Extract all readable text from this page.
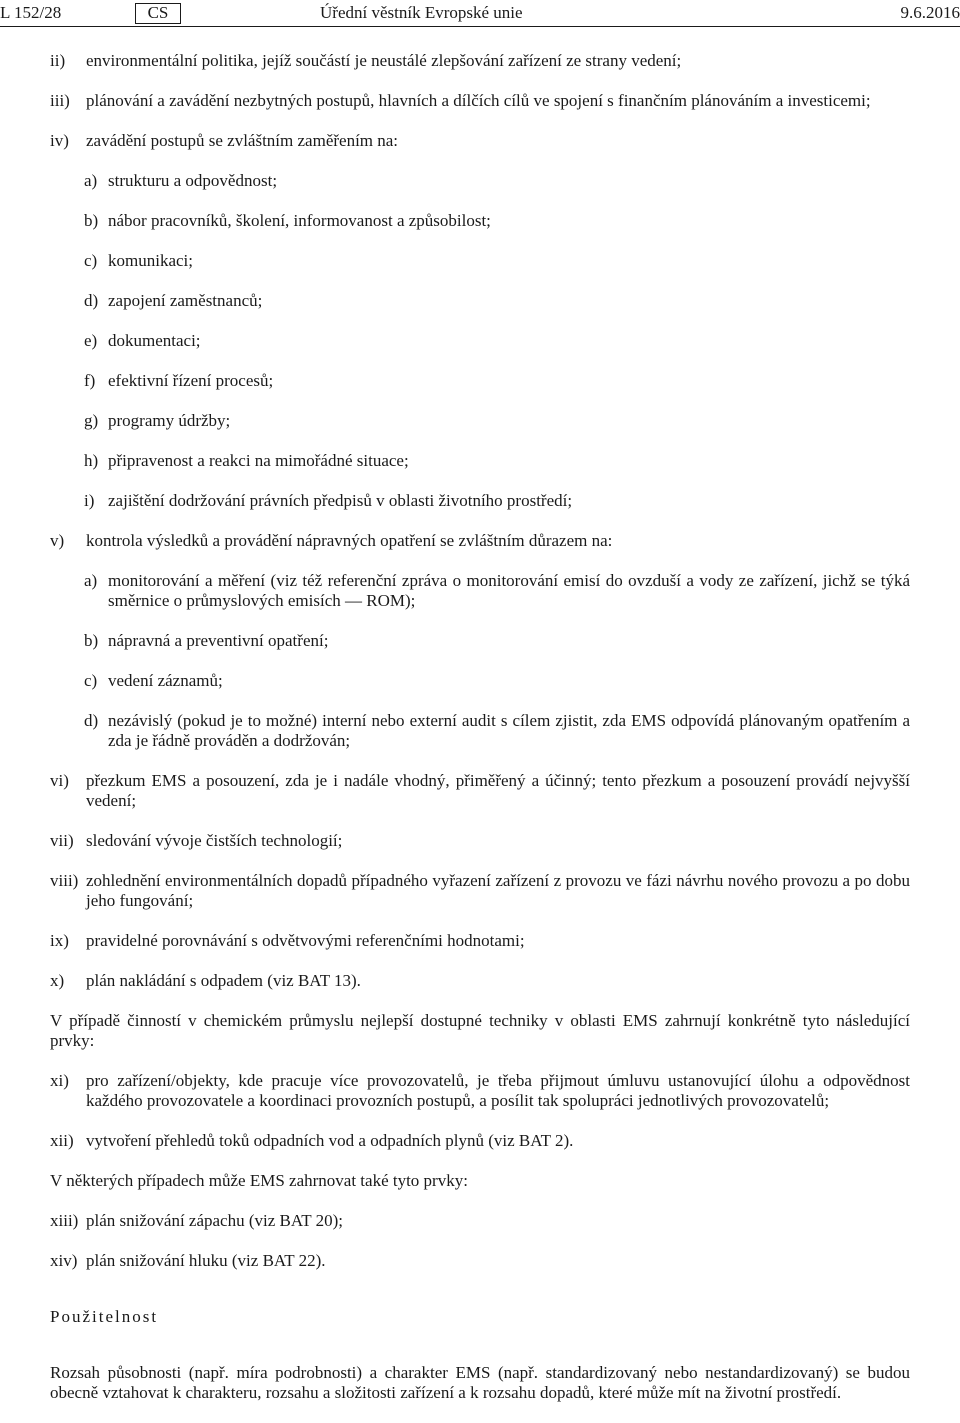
L 152/28	CS	Úřední věstník Evropské unie	9.6.2016
ii) environmentální politika, jejíž součástí je neustálé zlepšování zařízení ze strany vedení;
iii) plánování a zavádění nezbytných postupů, hlavních a dílčích cílů ve spojení s finančním plánováním a investicemi;
iv) zavádění postupů se zvláštním zaměřením na:
a) strukturu a odpovědnost;
b) nábor pracovníků, školení, informovanost a způsobilost;
c) komunikaci;
d) zapojení zaměstnanců;
e) dokumentaci;
f) efektivní řízení procesů;
g) programy údržby;
h) připravenost a reakci na mimořádné situace;
i) zajištění dodržování právních předpisů v oblasti životního prostředí;
v) kontrola výsledků a provádění nápravných opatření se zvláštním důrazem na:
a) monitorování a měření (viz též referenční zpráva o monitorování emisí do ovzduší a vody ze zařízení, jichž se týká směrnice o průmyslových emisích — ROM);
b) nápravná a preventivní opatření;
c) vedení záznamů;
d) nezávislý (pokud je to možné) interní nebo externí audit s cílem zjistit, zda EMS odpovídá plánovaným opatřením a zda je řádně prováděn a dodržován;
vi) přezkum EMS a posouzení, zda je i nadále vhodný, přiměřený a účinný; tento přezkum a posouzení provádí nejvyšší vedení;
vii) sledování vývoje čistších technologií;
viii) zohlednění environmentálních dopadů případného vyřazení zařízení z provozu ve fázi návrhu nového provozu a po dobu jeho fungování;
ix) pravidelné porovnávání s odvětvovými referenčními hodnotami;
x) plán nakládání s odpadem (viz BAT 13).
V případě činností v chemickém průmyslu nejlepší dostupné techniky v oblasti EMS zahrnují konkrétně tyto následující prvky:
xi) pro zařízení/objekty, kde pracuje více provozovatelů, je třeba přijmout úmluvu ustanovující úlohu a odpovědnost každého provozovatele a koordinaci provozních postupů, a posílit tak spolupráci jednotlivých provozovatelů;
xii) vytvoření přehledů toků odpadních vod a odpadních plynů (viz BAT 2).
V některých případech může EMS zahrnovat také tyto prvky:
xiii) plán snižování zápachu (viz BAT 20);
xiv) plán snižování hluku (viz BAT 22).
Použitelnost
Rozsah působnosti (např. míra podrobnosti) a charakter EMS (např. standardizovaný nebo nestandardizovaný) se budou obecně vztahovat k charakteru, rozsahu a složitosti zařízení a k rozsahu dopadů, které může mít na životní prostředí.
